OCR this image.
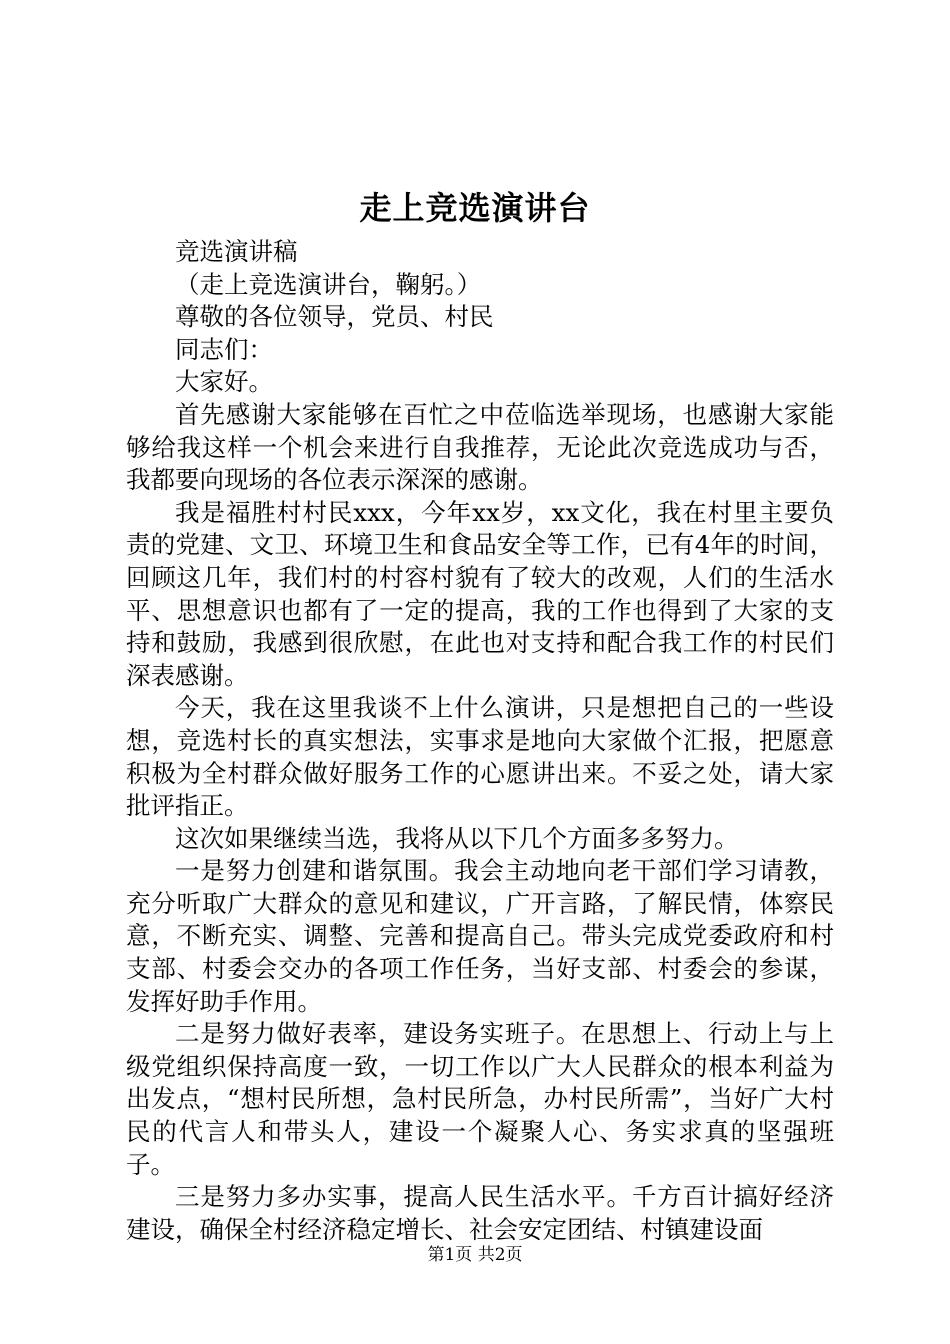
走上竞选演讲台

竞选演讲稿

（走上竞选演讲台，鞠躬。）

尊敬的各位领导，党员、村民

同志们：

大家好。

首先感谢大家能够在百忙之中莅临选举现场，也感谢大家能够给我这样一个机会来进行自我推荐，无论此次竞选成功与否，我都要向现场的各位表示深深的感谢。

我是福胜村村民xxx，今年xx岁，xx文化，我在村里主要负责的党建、文卫、环境卫生和食品安全等工作，已有4年的时间，回顾这几年，我们村的村容村貌有了较大的改观，人们的生活水平、思想意识也都有了一定的提高，我的工作也得到了大家的支持和鼓励，我感到很欣慰，在此也对支持和配合我工作的村民们深表感谢。

今天，我在这里我谈不上什么演讲，只是想把自己的一些设想，竞选村长的真实想法，实事求是地向大家做个汇报，把愿意积极为全村群众做好服务工作的心愿讲出来。不妥之处，请大家批评指正。

这次如果继续当选，我将从以下几个方面多多努力。

一是努力创建和谐氛围。我会主动地向老干部们学习请教，充分听取广大群众的意见和建议，广开言路，了解民情，体察民意，不断充实、调整、完善和提高自己。带头完成党委政府和村支部、村委会交办的各项工作任务，当好支部、村委会的参谋，发挥好助手作用。

二是努力做好表率，建设务实班子。在思想上、行动上与上级党组织保持高度一致，一切工作以广大人民群众的根本利益为出发点，“想村民所想，急村民所急，办村民所需”，当好广大村民的代言人和带头人，建设一个凝聚人心、务实求真的坚强班子。

三是努力多办实事，提高人民生活水平。千方百计搞好经济建设，确保全村经济稳定增长、社会安定团结、村镇建设面

第1页 共2页
